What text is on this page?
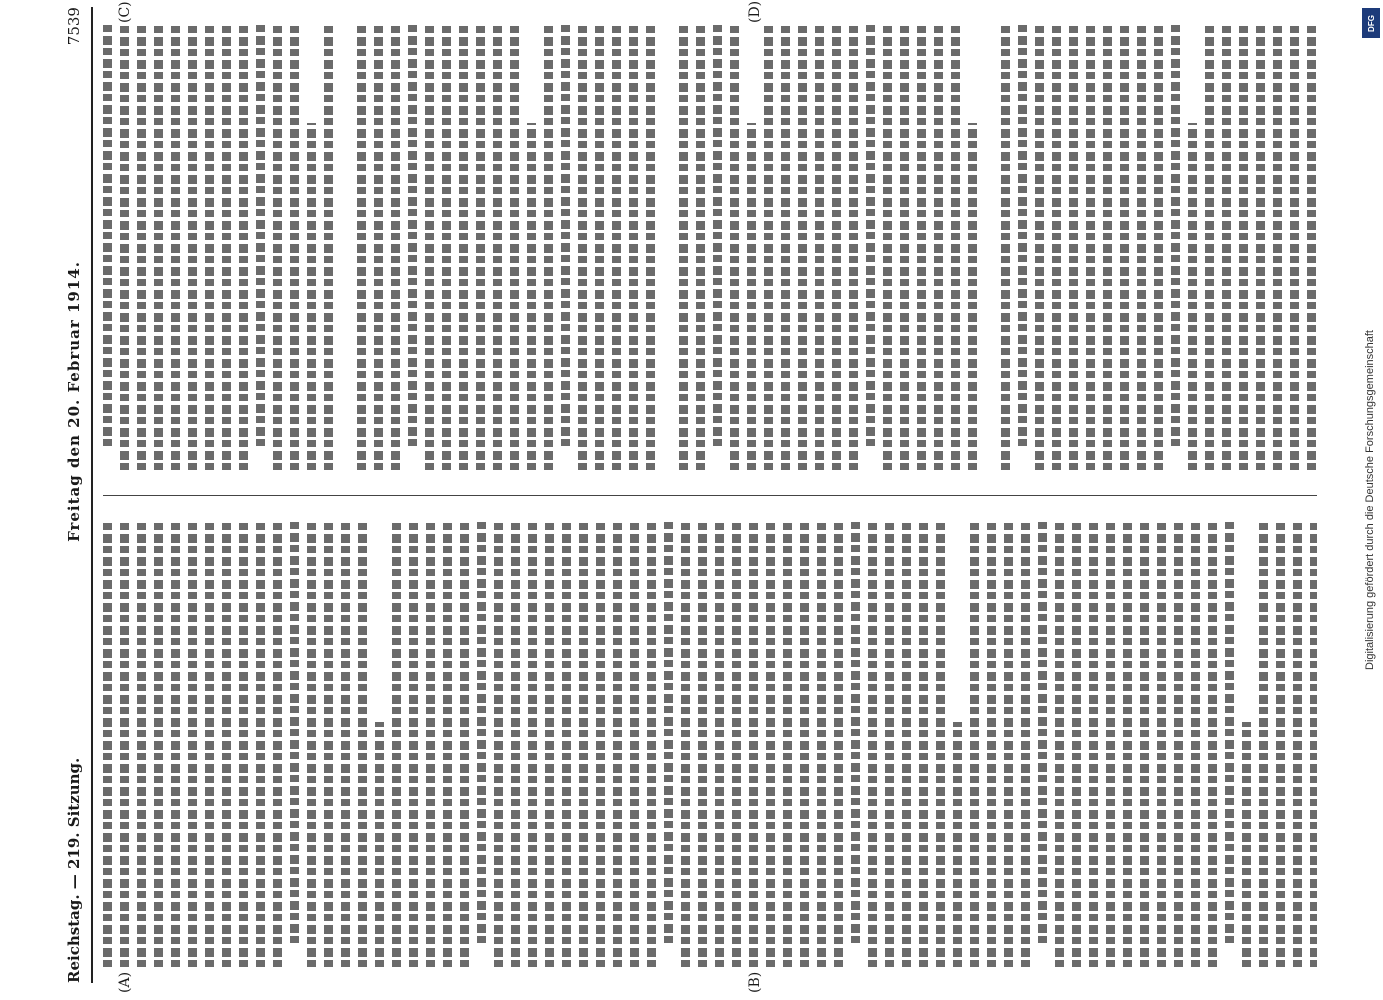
Reichstag. — 219. Sitzung.
Freitag den 20. Februar 1914.
7539
(A)	(B)
(C)	(D)	DFG
Digitalisierung gefördert durch die Deutsche Forschungsgemeinschaft
